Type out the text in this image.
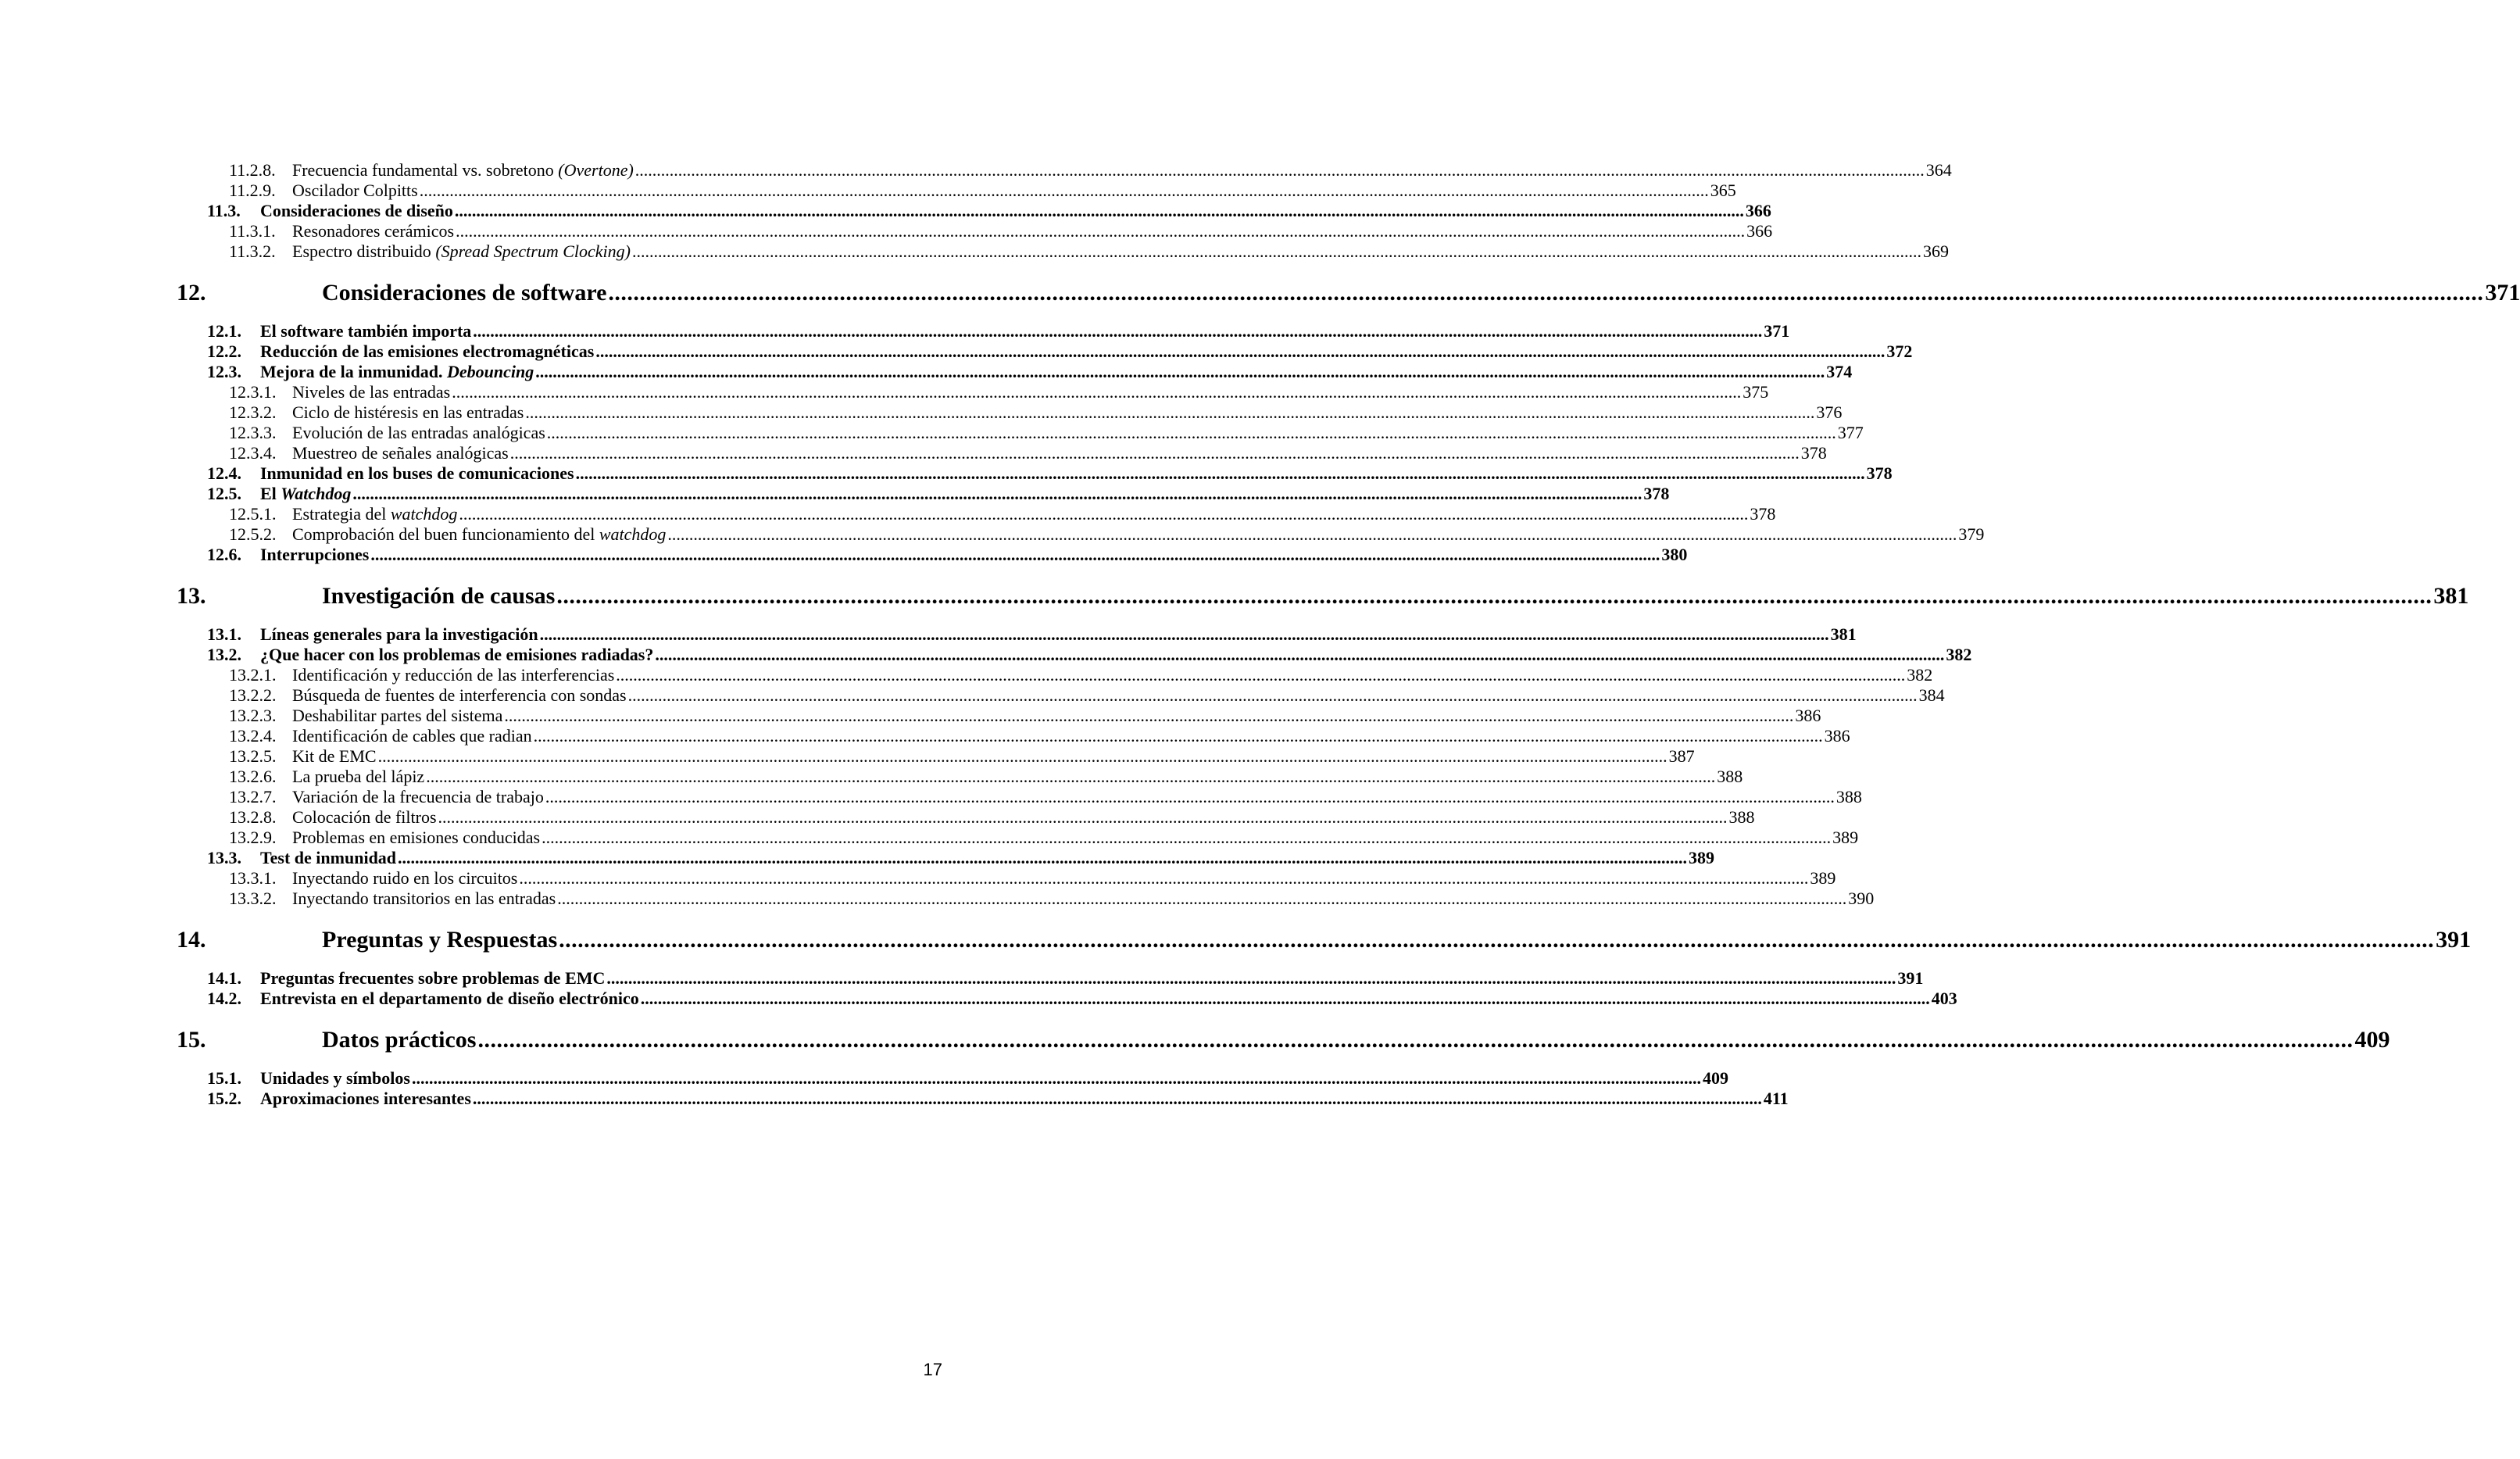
11.2.8. Frecuencia fundamental vs. sobretono (Overtone) ............................................................................................................................................................................................................................................................................................................ 364
11.2.9. Oscilador Colpitts ............................................................................................................................................................................................................................................................................................................ 365
11.3.	Consideraciones de diseño ............................................................................................................................................................................................................................................................................................................ 366
11.3.1. Resonadores cerámicos ............................................................................................................................................................................................................................................................................................................ 366
11.3.2. Espectro distribuido (Spread Spectrum Clocking) ............................................................................................................................................................................................................................................................................................................ 369
12.	Consideraciones de software ............................................................................................................................................................................................................................................................................................................ 371
12.1.	El software también importa ............................................................................................................................................................................................................................................................................................................ 371
12.2.	Reducción de las emisiones electromagnéticas ............................................................................................................................................................................................................................................................................................................ 372
12.3.	Mejora de la inmunidad. Debouncing ............................................................................................................................................................................................................................................................................................................ 374
12.3.1. Niveles de las entradas ............................................................................................................................................................................................................................................................................................................ 375
12.3.2. Ciclo de histéresis en las entradas ............................................................................................................................................................................................................................................................................................................ 376
12.3.3. Evolución de las entradas analógicas ............................................................................................................................................................................................................................................................................................................ 377
12.3.4. Muestreo de señales analógicas ............................................................................................................................................................................................................................................................................................................ 378
12.4.	Inmunidad en los buses de comunicaciones ............................................................................................................................................................................................................................................................................................................ 378
12.5.	El Watchdog ............................................................................................................................................................................................................................................................................................................ 378
12.5.1. Estrategia del watchdog ............................................................................................................................................................................................................................................................................................................ 378
12.5.2. Comprobación del buen funcionamiento del watchdog ............................................................................................................................................................................................................................................................................................................ 379
12.6.	Interrupciones ............................................................................................................................................................................................................................................................................................................ 380
13.	Investigación de causas ............................................................................................................................................................................................................................................................................................................ 381
13.1.	Líneas generales para la investigación ............................................................................................................................................................................................................................................................................................................ 381
13.2.	¿Que hacer con los problemas de emisiones radiadas? ............................................................................................................................................................................................................................................................................................................ 382
13.2.1. Identificación y reducción de las interferencias ............................................................................................................................................................................................................................................................................................................ 382
13.2.2. Búsqueda de fuentes de interferencia con sondas ............................................................................................................................................................................................................................................................................................................ 384
13.2.3. Deshabilitar partes del sistema ............................................................................................................................................................................................................................................................................................................ 386
13.2.4. Identificación de cables que radian ............................................................................................................................................................................................................................................................................................................ 386
13.2.5. Kit de EMC ............................................................................................................................................................................................................................................................................................................ 387
13.2.6. La prueba del lápiz ............................................................................................................................................................................................................................................................................................................ 388
13.2.7. Variación de la frecuencia de trabajo ............................................................................................................................................................................................................................................................................................................ 388
13.2.8. Colocación de filtros ............................................................................................................................................................................................................................................................................................................ 388
13.2.9. Problemas en emisiones conducidas ............................................................................................................................................................................................................................................................................................................ 389
13.3.	Test de inmunidad ............................................................................................................................................................................................................................................................................................................ 389
13.3.1. Inyectando ruido en los circuitos ............................................................................................................................................................................................................................................................................................................ 389
13.3.2. Inyectando transitorios en las entradas ............................................................................................................................................................................................................................................................................................................ 390
14.	Preguntas y Respuestas ............................................................................................................................................................................................................................................................................................................ 391
14.1.	Preguntas frecuentes sobre problemas de EMC ............................................................................................................................................................................................................................................................................................................ 391
14.2.	Entrevista en el departamento de diseño electrónico ............................................................................................................................................................................................................................................................................................................ 403
15.	Datos prácticos ............................................................................................................................................................................................................................................................................................................ 409
15.1.	Unidades y símbolos ............................................................................................................................................................................................................................................................................................................ 409
15.2.	Aproximaciones interesantes ............................................................................................................................................................................................................................................................................................................ 411
17
